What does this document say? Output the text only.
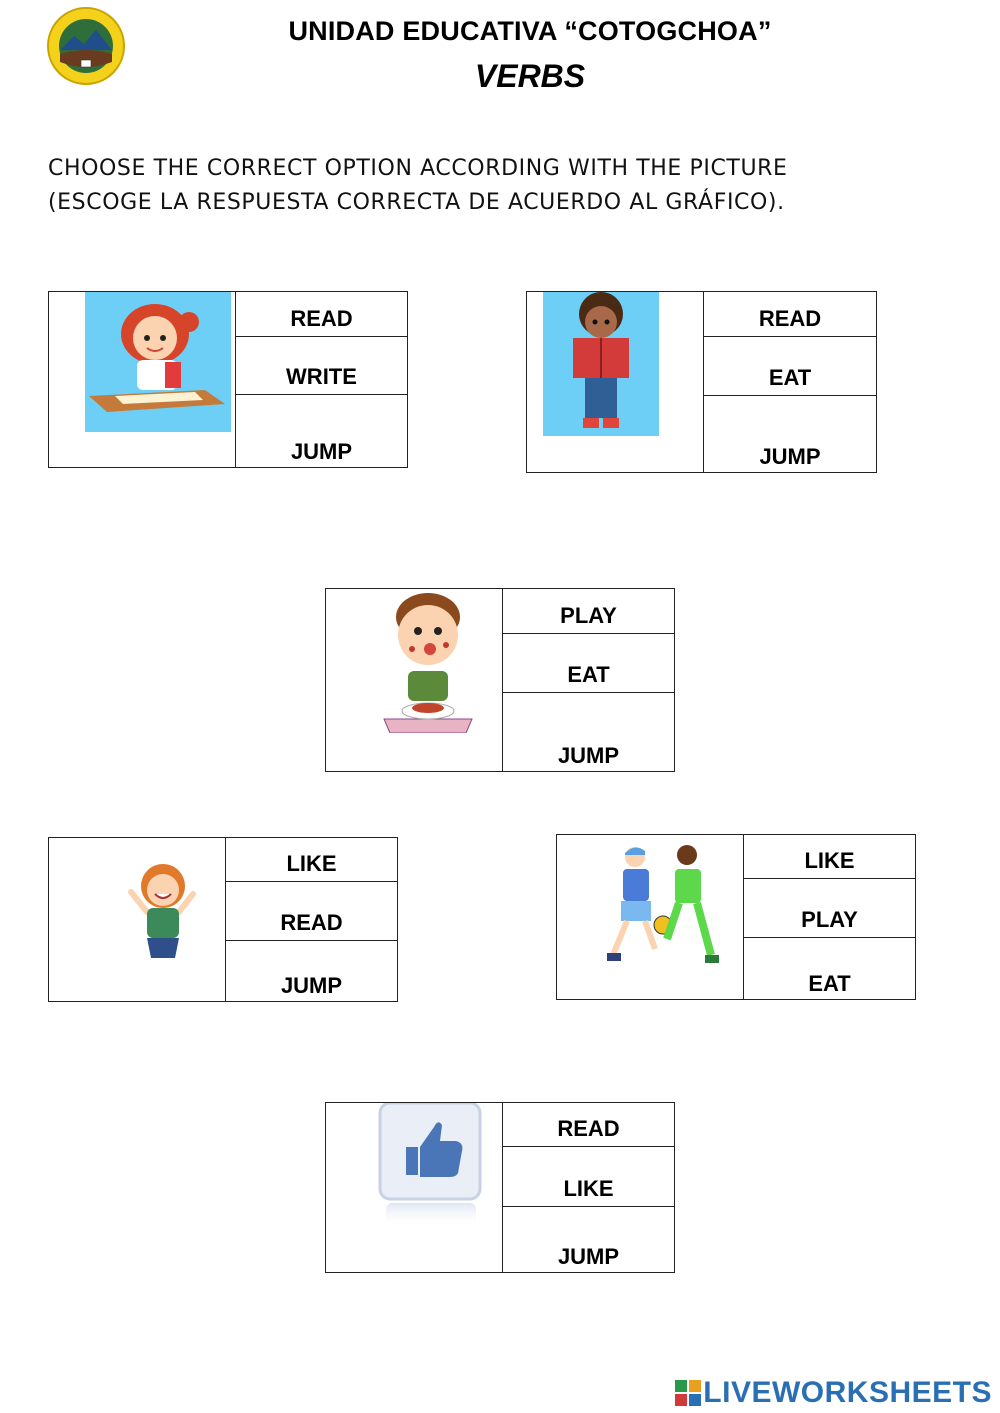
UNIDAD EDUCATIVA “COTOGCHOA”
VERBS
CHOOSE THE CORRECT OPTION ACCORDING WITH THE PICTURE
(ESCOGE LA RESPUESTA CORRECTA DE ACUERDO AL GRÁFICO).
READ
WRITE
JUMP
READ
EAT
JUMP
PLAY
EAT
JUMP
LIKE
READ
JUMP
LIKE
PLAY
EAT
READ
LIKE
JUMP
LIVEWORKSHEETS
